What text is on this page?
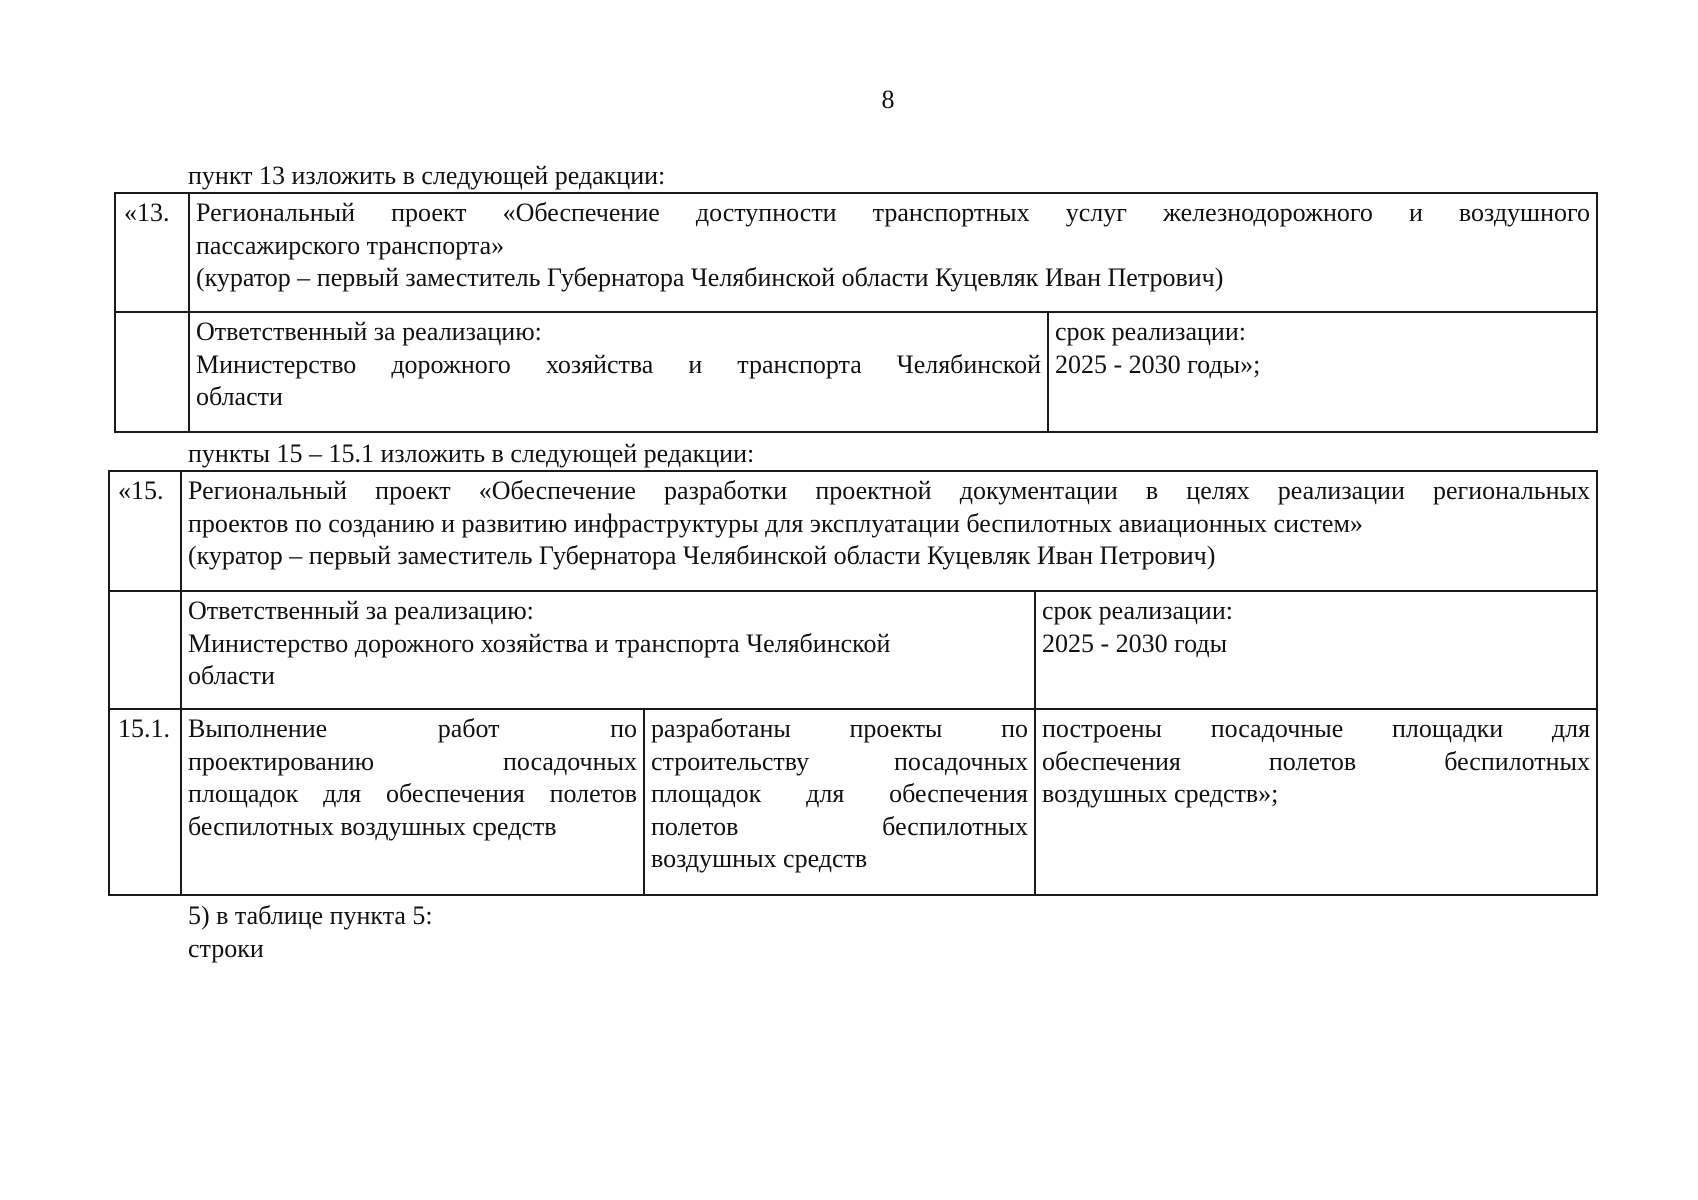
8
пункт 13 изложить в следующей редакции:
«13.	Региональный проект «Обеспечение доступности транспортных услуг железнодорожного и воздушного
пассажирского транспорта»
(куратор – первый заместитель Губернатора Челябинской области Куцевляк Иван Петрович)	

	Ответственный за реализацию:
Министерство дорожного хозяйства и транспорта Челябинской
области	срок реализации:
2025 - 2030 годы»;
пункты 15 – 15.1 изложить в следующей редакции:
«15.	Региональный проект «Обеспечение разработки проектной документации в целях реализации региональных
проектов по созданию и развитию инфраструктуры для эксплуатации беспилотных авиационных систем»
(куратор – первый заместитель Губернатора Челябинской области Куцевляк Иван Петрович)		

	Ответственный за реализацию:
Министерство дорожного хозяйства и транспорта Челябинской
области		срок реализации:
2025 - 2030 годы

15.1.	Выполнение работ по
проектированию посадочных
площадок для обеспечения полетов
беспилотных воздушных средств	разработаны проекты по
строительству посадочных
площадок для обеспечения
полетов беспилотных
воздушных средств	построены посадочные площадки для
обеспечения полетов беспилотных
воздушных средств»;
5) в таблице пункта 5:
строки
